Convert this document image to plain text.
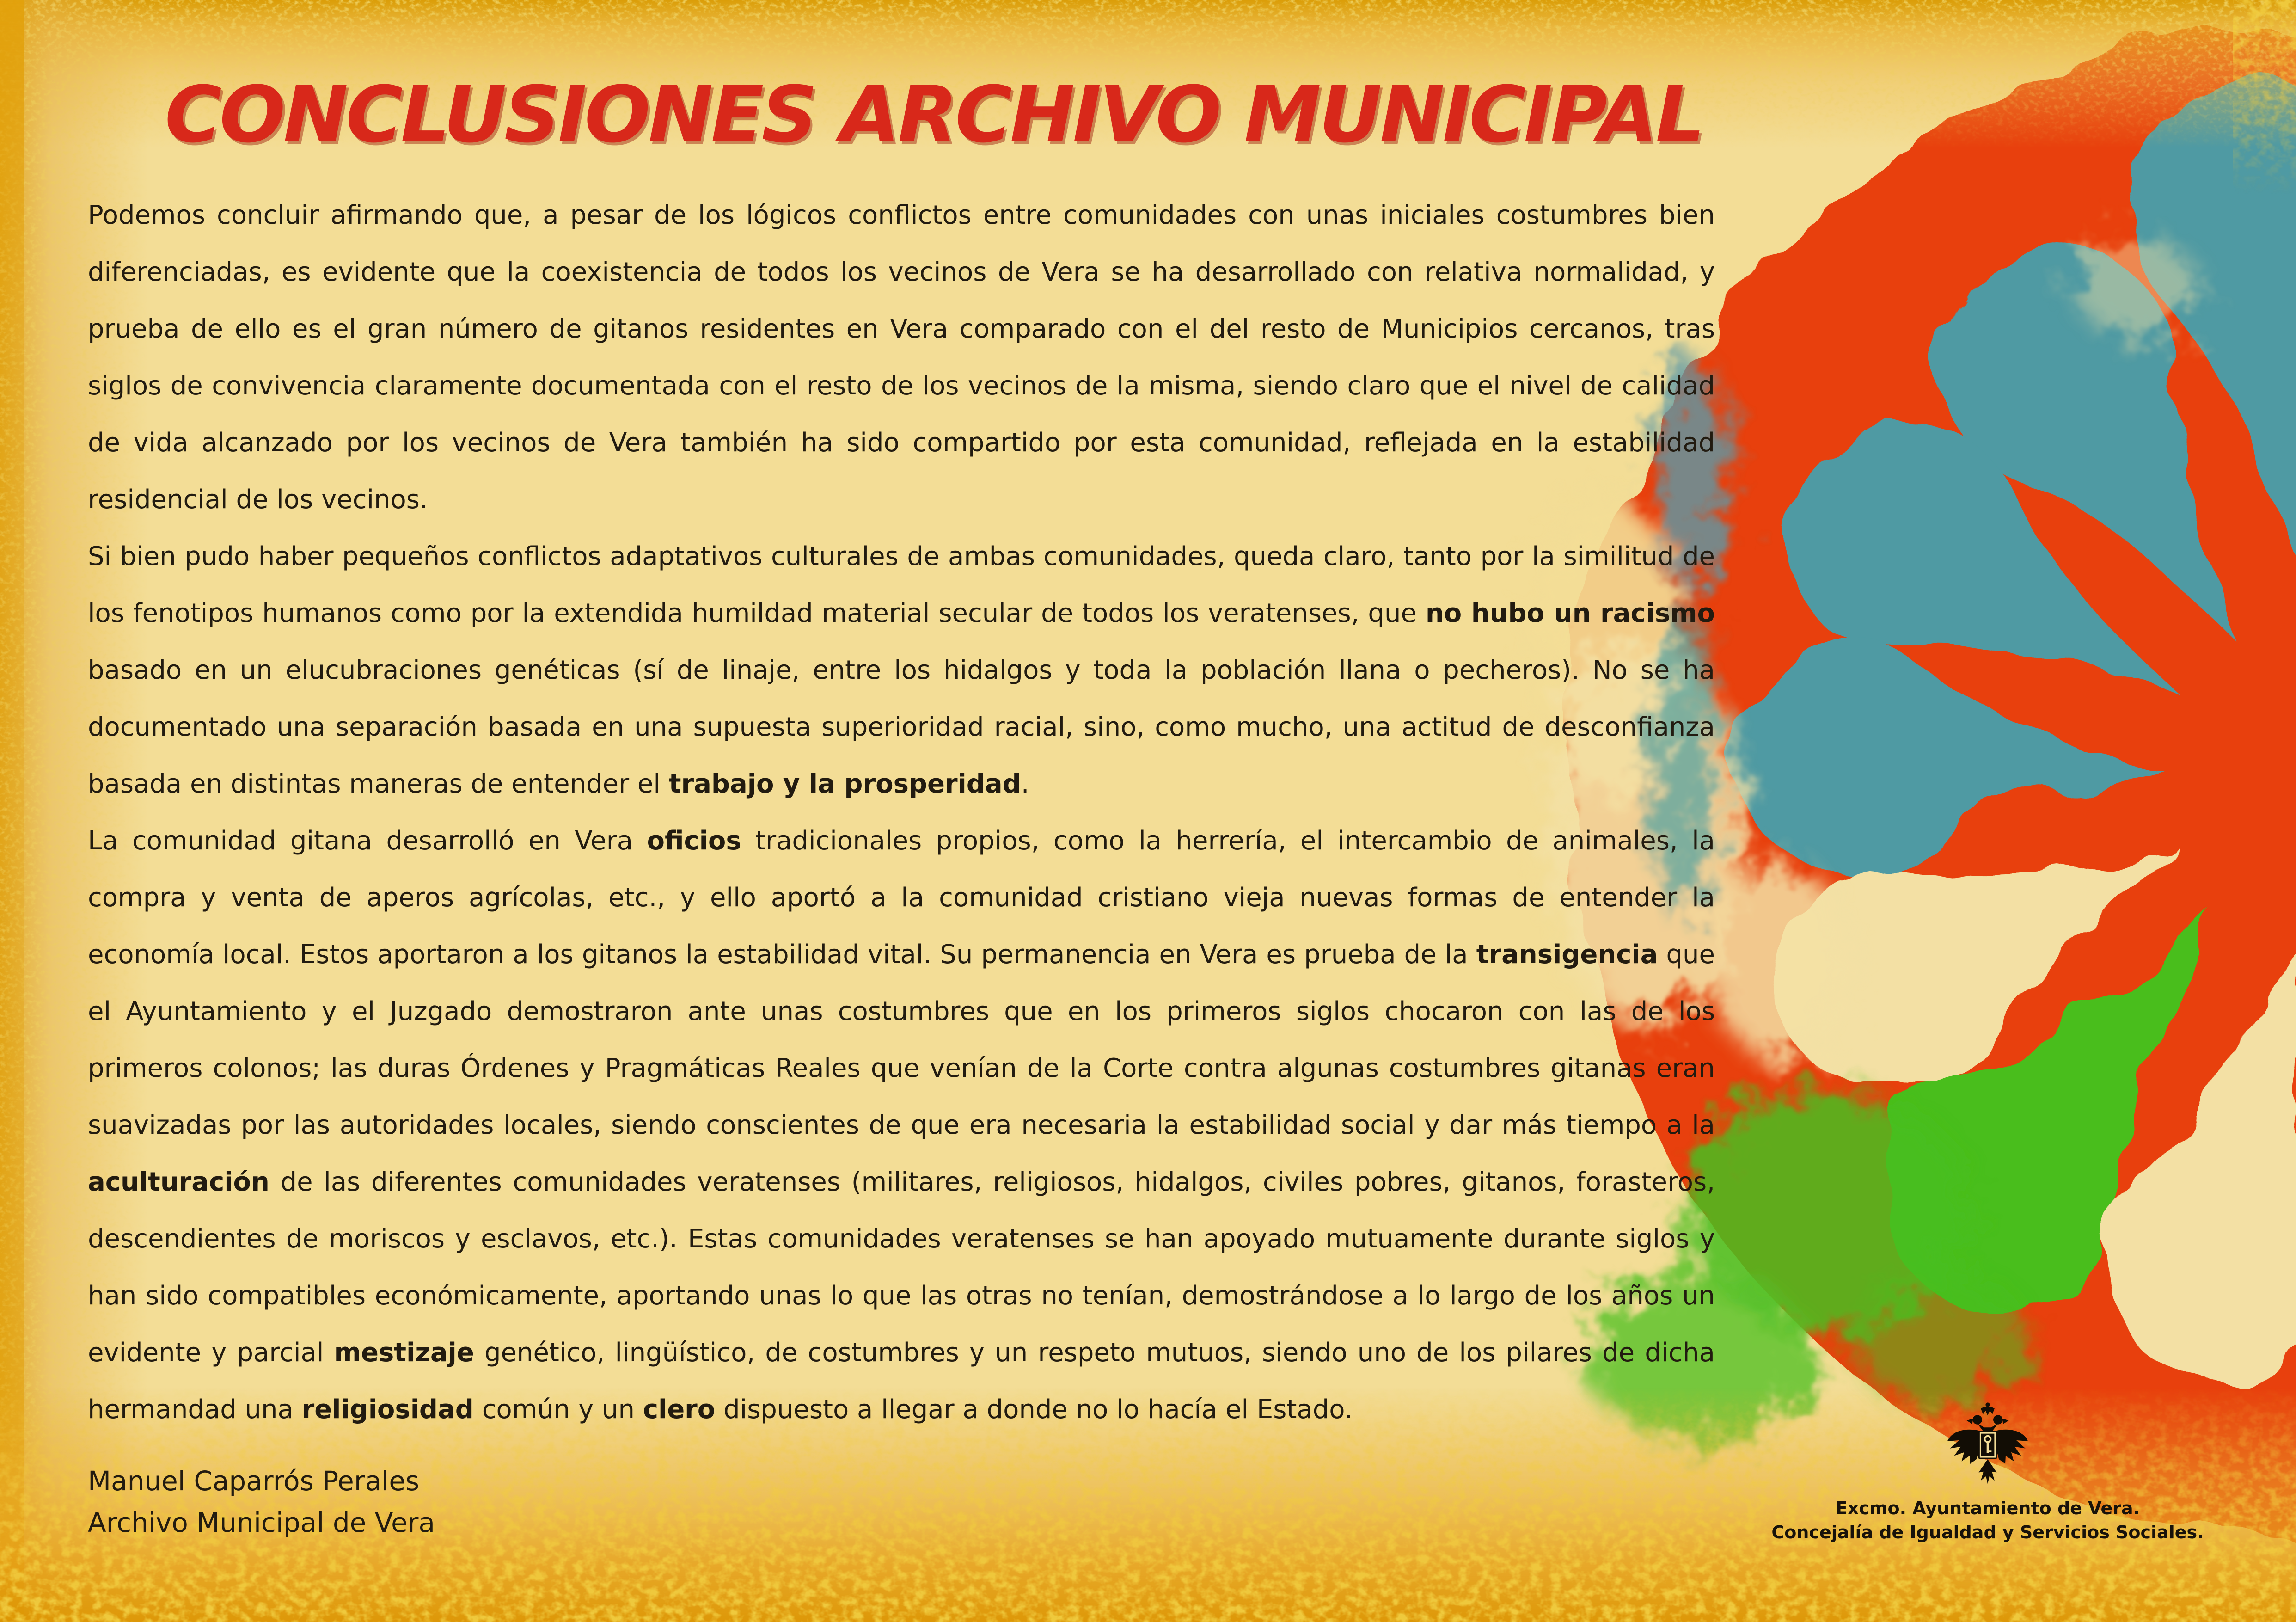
CONCLUSIONES ARCHIVO MUNICIPAL

Podemos concluir afirmando que, a pesar de los lógicos conflictos entre comunidades con unas iniciales costumbres bien diferenciadas, es evidente que la coexistencia de todos los vecinos de Vera se ha desarrollado con relativa normalidad, y prueba de ello es el gran número de gitanos residentes en Vera comparado con el del resto de Municipios cercanos, tras siglos de convivencia claramente documentada con el resto de los vecinos de la misma, siendo claro que el nivel de calidad de vida alcanzado por los vecinos de Vera también ha sido compartido por esta comunidad, reflejada en la estabilidad residencial de los vecinos.

Si bien pudo haber pequeños conflictos adaptativos culturales de ambas comunidades, queda claro, tanto por la similitud de los fenotipos humanos como por la extendida humildad material secular de todos los veratenses, que no hubo un racismo basado en un elucubraciones genéticas (sí de linaje, entre los hidalgos y toda la población llana o pecheros). No se ha documentado una separación basada en una supuesta superioridad racial, sino, como mucho, una actitud de desconfianza basada en distintas maneras de entender el trabajo y la prosperidad.

La comunidad gitana desarrolló en Vera oficios tradicionales propios, como la herrería, el intercambio de animales, la compra y venta de aperos agrícolas, etc., y ello aportó a la comunidad cristiano vieja nuevas formas de entender la economía local. Estos aportaron a los gitanos la estabilidad vital. Su permanencia en Vera es prueba de la transigencia que el Ayuntamiento y el Juzgado demostraron ante unas costumbres que en los primeros siglos chocaron con las de los primeros colonos; las duras Órdenes y Pragmáticas Reales que venían de la Corte contra algunas costumbres gitanas eran suavizadas por las autoridades locales, siendo conscientes de que era necesaria la estabilidad social y dar más tiempo a la aculturación de las diferentes comunidades veratenses (militares, religiosos, hidalgos, civiles pobres, gitanos, forasteros, descendientes de moriscos y esclavos, etc.). Estas comunidades veratenses se han apoyado mutuamente durante siglos y han sido compatibles económicamente, aportando unas lo que las otras no tenían, demostrándose a lo largo de los años un evidente y parcial mestizaje genético, lingüístico, de costumbres y un respeto mutuos, siendo uno de los pilares de dicha hermandad una religiosidad común y un clero dispuesto a llegar a donde no lo hacía el Estado.

Manuel Caparrós Perales
Archivo Municipal de Vera	Excmo. Ayuntamiento de Vera.
Concejalía de Igualdad y Servicios Sociales.
